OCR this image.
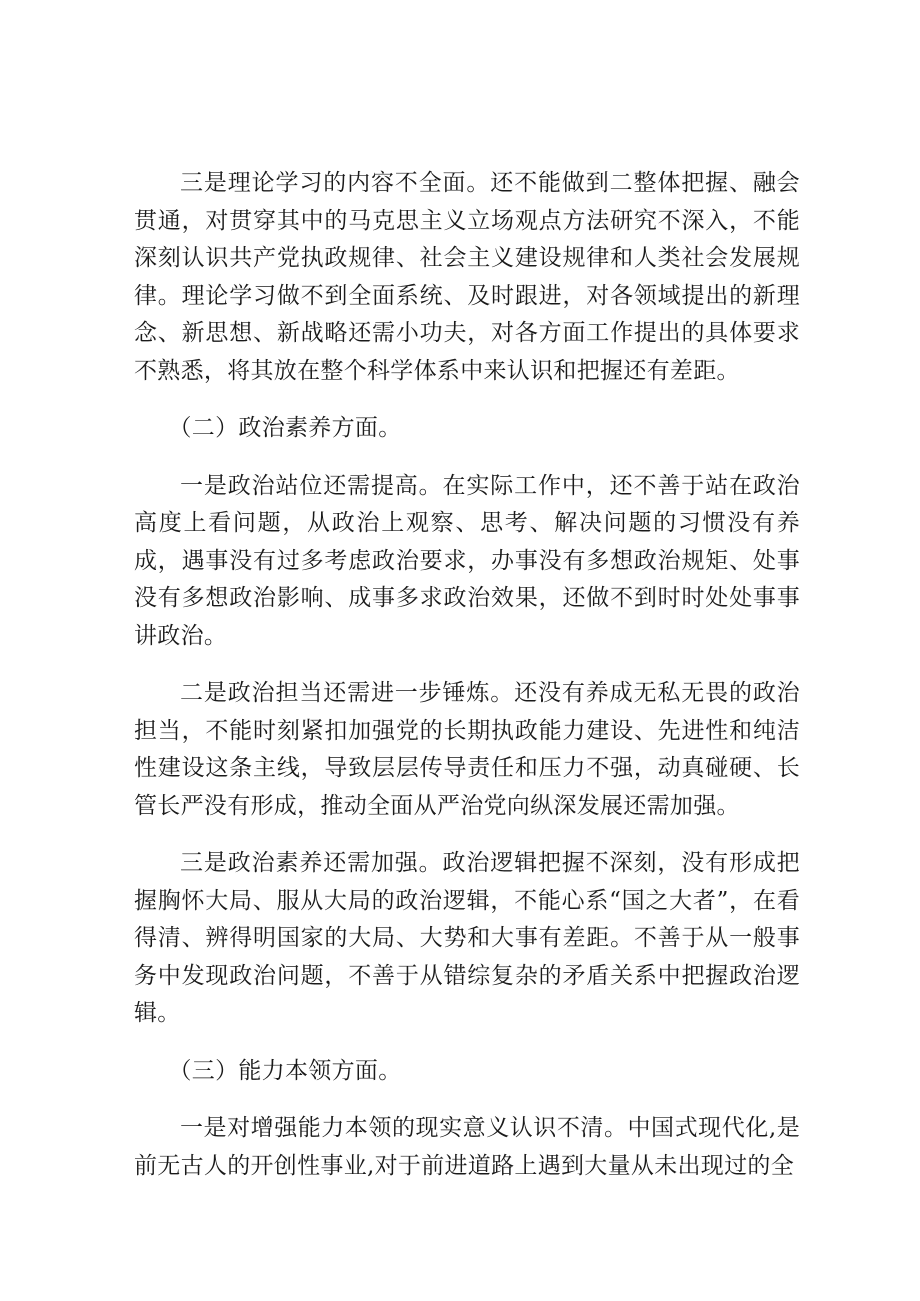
三是理论学习的内容不全面。还不能做到二整体把握、融会贯通，对贯穿其中的马克思主义立场观点方法研究不深入，不能深刻认识共产党执政规律、社会主义建设规律和人类社会发展规律。理论学习做不到全面系统、及时跟进，对各领域提出的新理念、新思想、新战略还需小功夫，对各方面工作提出的具体要求不熟悉，将其放在整个科学体系中来认识和把握还有差距。

（二）政治素养方面。

一是政治站位还需提高。在实际工作中，还不善于站在政治高度上看问题，从政治上观察、思考、解决问题的习惯没有养成，遇事没有过多考虑政治要求，办事没有多想政治规矩、处事没有多想政治影响、成事多求政治效果，还做不到时时处处事事讲政治。

二是政治担当还需进一步锤炼。还没有养成无私无畏的政治担当，不能时刻紧扣加强党的长期执政能力建设、先进性和纯洁性建设这条主线，导致层层传导责任和压力不强，动真碰硬、长管长严没有形成，推动全面从严治党向纵深发展还需加强。

三是政治素养还需加强。政治逻辑把握不深刻，没有形成把握胸怀大局、服从大局的政治逻辑，不能心系“国之大者”，在看得清、辨得明国家的大局、大势和大事有差距。不善于从一般事务中发现政治问题，不善于从错综复杂的矛盾关系中把握政治逻辑。

（三）能力本领方面。

一是对增强能力本领的现实意义认识不清。中国式现代化,是前无古人的开创性事业,对于前进道路上遇到大量从未出现过的全
